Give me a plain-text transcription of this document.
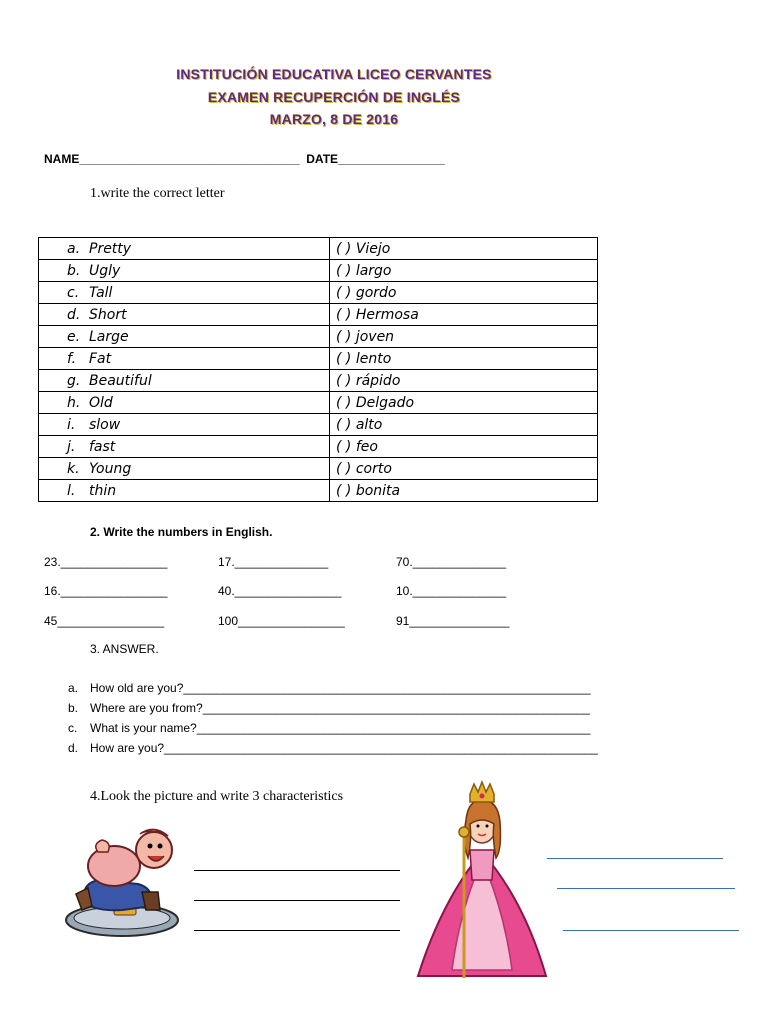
INSTITUCIÓN EDUCATIVA LICEO CERVANTES
EXAMEN RECUPERCIÓN DE INGLÉS
MARZO, 8 DE 2016
NAME_________________________________ DATE________________
1.write the correct letter
a. Pretty	( ) Viejo
b. Ugly	( ) largo
c. Tall	( ) gordo
d. Short	( ) Hermosa
e. Large	( ) joven
f. Fat	( ) lento
g. Beautiful	( ) rápido
h. Old	( ) Delgado
i. slow	( ) alto
j. fast	( ) feo
k. Young	( ) corto
l. thin	( ) bonita
2. Write the numbers in English.
23.________________	17.______________	70.______________
16.________________	40.________________	10.______________
45________________	100________________	91_______________
3. ANSWER.
a. How old are you?_____________________________________________________________
b. Where are you from?__________________________________________________________
c. What is your name?___________________________________________________________
d. How are you?_________________________________________________________________
4.Look the picture and write 3 characteristics
